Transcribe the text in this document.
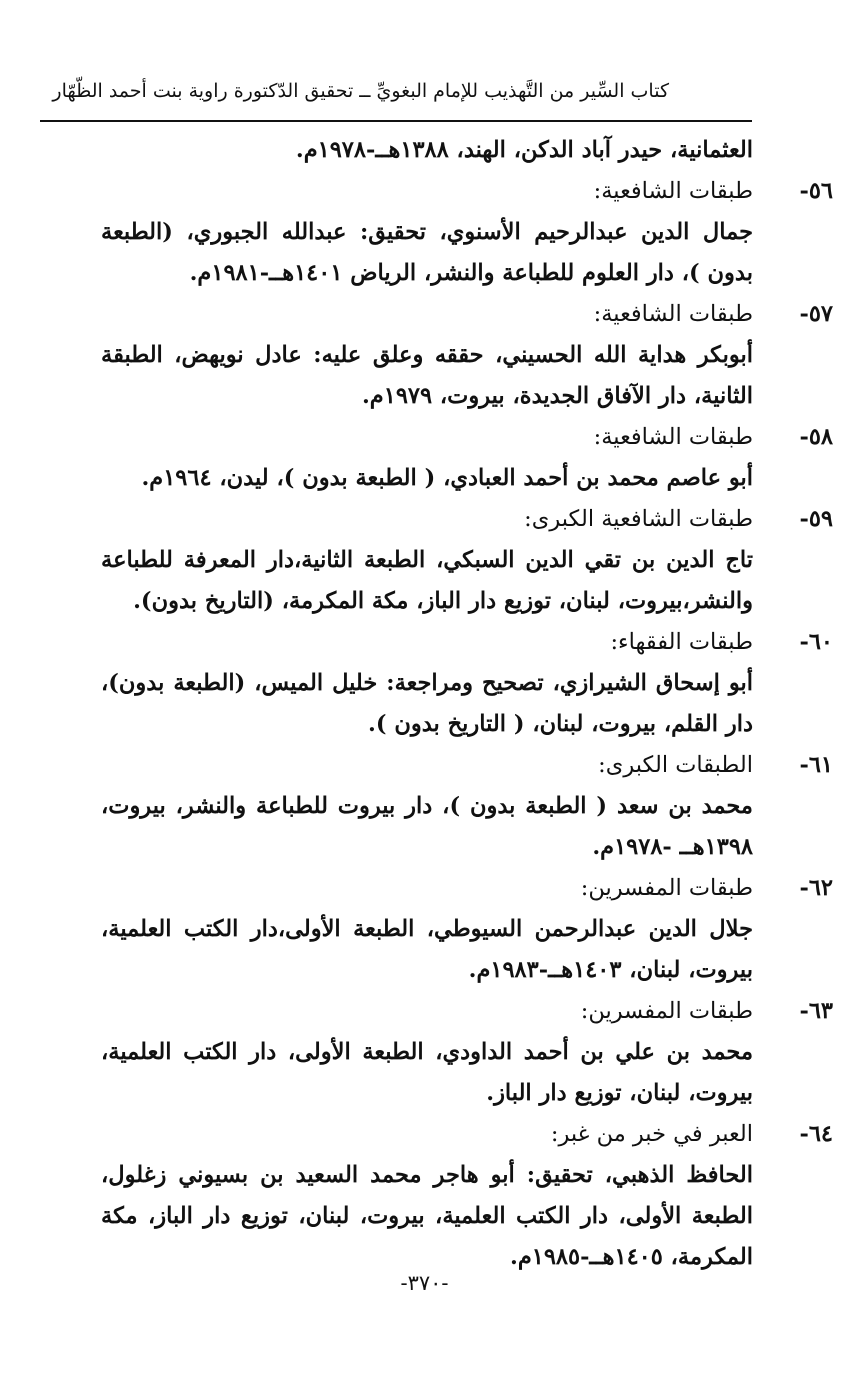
كتاب السِّير من التَّهذيب للإمام البغويِّ ــ تحقيق الدّكتورة راوية بنت أحمد الظّهّار

العثمانية، حيدر آباد الدكن، الهند، ١٣٨٨هــ-١٩٧٨م.

٥٦-
طبقات الشافعية:

جمال الدين عبدالرحيم الأسنوي، تحقيق: عبدالله الجبوري، (الطبعة بدون )، دار العلوم للطباعة والنشر، الرياض ١٤٠١هــ-١٩٨١م.

٥٧-
طبقات الشافعية:

أبوبكر هداية الله الحسيني، حققه وعلق عليه: عادل نويهض، الطبقة الثانية، دار الآفاق الجديدة، بيروت، ١٩٧٩م.

٥٨-
طبقات الشافعية:

أبو عاصم محمد بن أحمد العبادي، ( الطبعة بدون )، ليدن، ١٩٦٤م.

٥٩-
طبقات الشافعية الكبرى:

تاج الدين بن تقي الدين السبكي، الطبعة الثانية،دار المعرفة للطباعة والنشر،بيروت، لبنان، توزيع دار الباز، مكة المكرمة، (التاريخ بدون).

٦٠-
طبقات الفقهاء:

أبو إسحاق الشيرازي، تصحيح ومراجعة: خليل الميس، (الطبعة بدون)، دار القلم، بيروت، لبنان، ( التاريخ بدون ).

٦١-
الطبقات الكبرى:

محمد بن سعد ( الطبعة بدون )، دار بيروت للطباعة والنشر، بيروت، ١٣٩٨هــ -١٩٧٨م.

٦٢-
طبقات المفسرين:

جلال الدين عبدالرحمن السيوطي، الطبعة الأولى،دار الكتب العلمية، بيروت، لبنان، ١٤٠٣هــ-١٩٨٣م.

٦٣-
طبقات المفسرين:

محمد بن علي بن أحمد الداودي، الطبعة الأولى، دار الكتب العلمية، بيروت، لبنان، توزيع دار الباز.

٦٤-
العبر في خبر من غبر:

الحافظ الذهبي، تحقيق: أبو هاجر محمد السعيد بن بسيوني زغلول، الطبعة الأولى، دار الكتب العلمية، بيروت، لبنان، توزيع دار الباز، مكة المكرمة، ١٤٠٥هــ-١٩٨٥م.

-٣٧٠-
